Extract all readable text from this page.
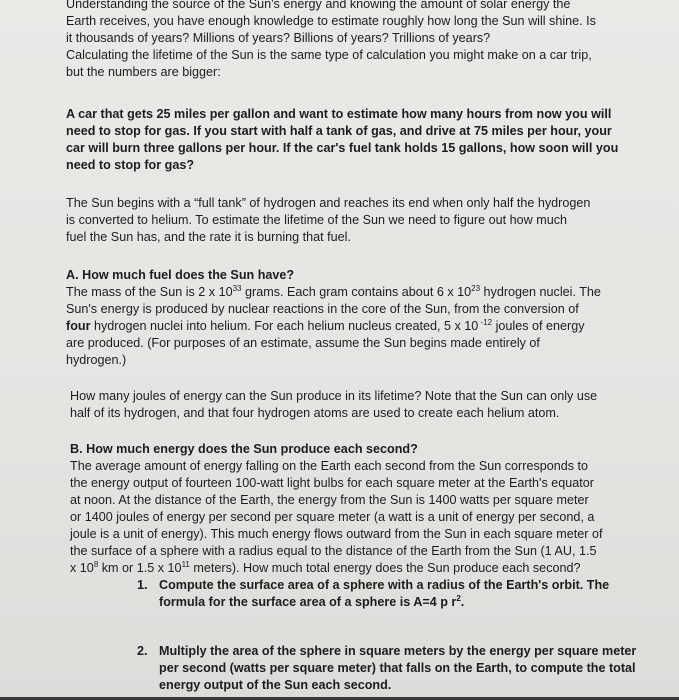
Understanding the source of the Sun's energy and knowing the amount of solar energy the

Earth receives, you have enough knowledge to estimate roughly how long the Sun will shine. Is

it thousands of years? Millions of years? Billions of years? Trillions of years?

Calculating the lifetime of the Sun is the same type of calculation you might make on a car trip,

but the numbers are bigger:

A car that gets 25 miles per gallon and want to estimate how many hours from now you will

need to stop for gas. If you start with half a tank of gas, and drive at 75 miles per hour, your

car will burn three gallons per hour. If the car's fuel tank holds 15 gallons, how soon will you

need to stop for gas?

The Sun begins with a “full tank” of hydrogen and reaches its end when only half the hydrogen

is converted to helium. To estimate the lifetime of the Sun we need to figure out how much

fuel the Sun has, and the rate it is burning that fuel.

A. How much fuel does the Sun have?

The mass of the Sun is 2 x $10^{33}$ grams. Each gram contains about 6 x $10^{23}$ hydrogen nuclei. The

Sun's energy is produced by nuclear reactions in the core of the Sun, from the conversion of

four hydrogen nuclei into helium. For each helium nucleus created, 5 x 10 $^{-12}$ joules of energy

are produced. (For purposes of an estimate, assume the Sun begins made entirely of

hydrogen.)

How many joules of energy can the Sun produce in its lifetime? Note that the Sun can only use

half of its hydrogen, and that four hydrogen atoms are used to create each helium atom.

B. How much energy does the Sun produce each second?

The average amount of energy falling on the Earth each second from the Sun corresponds to

the energy output of fourteen 100-watt light bulbs for each square meter at the Earth's equator

at noon. At the distance of the Earth, the energy from the Sun is 1400 watts per square meter

or 1400 joules of energy per second per square meter (a watt is a unit of energy per second, a

joule is a unit of energy). This much energy flows outward from the Sun in each square meter of

the surface of a sphere with a radius equal to the distance of the Earth from the Sun (1 AU, 1.5

x $10^8$ km or 1.5 x $10^{11}$ meters). How much total energy does the Sun produce each second?

1. Compute the surface area of a sphere with a radius of the Earth's orbit. The

formula for the surface area of a sphere is A=4 p $r^2$.

2. Multiply the area of the sphere in square meters by the energy per square meter

per second (watts per square meter) that falls on the Earth, to compute the total

energy output of the Sun each second.
